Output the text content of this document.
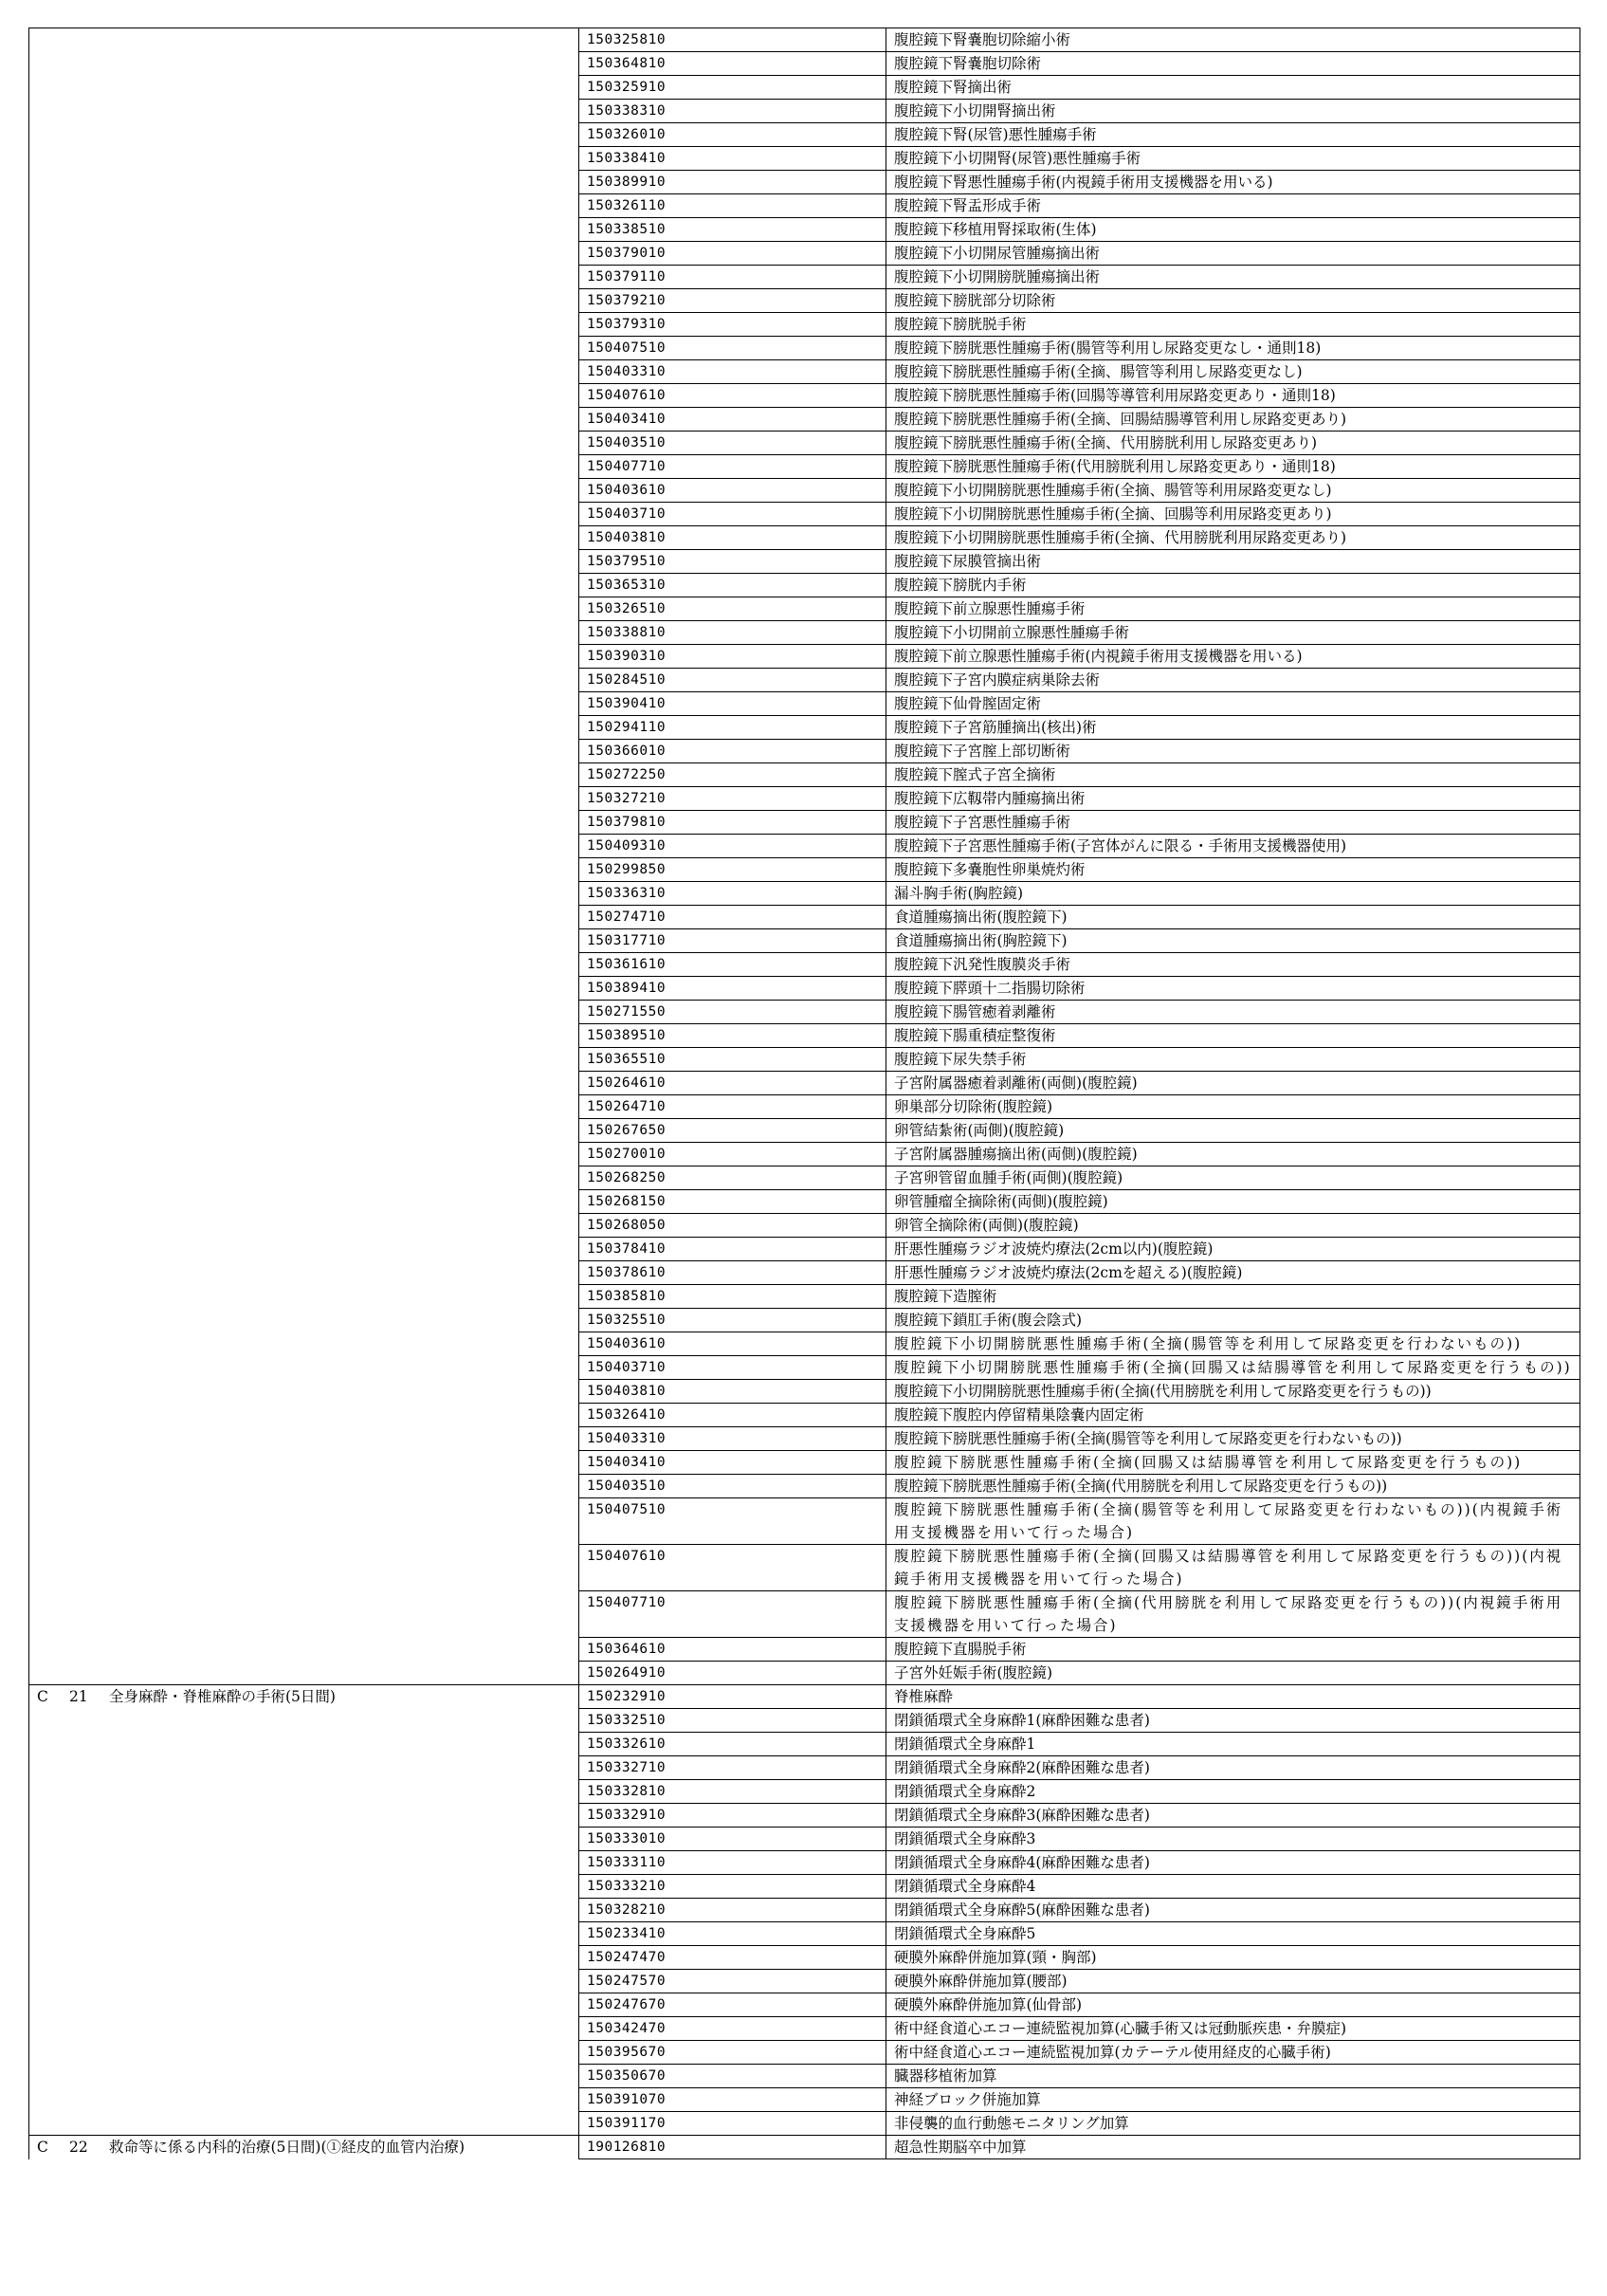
	150325810	腹腔鏡下腎嚢胞切除縮小術
	150364810	腹腔鏡下腎嚢胞切除術
	150325910	腹腔鏡下腎摘出術
	150338310	腹腔鏡下小切開腎摘出術
	150326010	腹腔鏡下腎(尿管)悪性腫瘍手術
	150338410	腹腔鏡下小切開腎(尿管)悪性腫瘍手術
	150389910	腹腔鏡下腎悪性腫瘍手術(内視鏡手術用支援機器を用いる)
	150326110	腹腔鏡下腎盂形成手術
	150338510	腹腔鏡下移植用腎採取術(生体)
	150379010	腹腔鏡下小切開尿管腫瘍摘出術
	150379110	腹腔鏡下小切開膀胱腫瘍摘出術
	150379210	腹腔鏡下膀胱部分切除術
	150379310	腹腔鏡下膀胱脱手術
	150407510	腹腔鏡下膀胱悪性腫瘍手術(腸管等利用し尿路変更なし・通則18)
	150403310	腹腔鏡下膀胱悪性腫瘍手術(全摘、腸管等利用し尿路変更なし)
	150407610	腹腔鏡下膀胱悪性腫瘍手術(回腸等導管利用尿路変更あり・通則18)
	150403410	腹腔鏡下膀胱悪性腫瘍手術(全摘、回腸結腸導管利用し尿路変更あり)
	150403510	腹腔鏡下膀胱悪性腫瘍手術(全摘、代用膀胱利用し尿路変更あり)
	150407710	腹腔鏡下膀胱悪性腫瘍手術(代用膀胱利用し尿路変更あり・通則18)
	150403610	腹腔鏡下小切開膀胱悪性腫瘍手術(全摘、腸管等利用尿路変更なし)
	150403710	腹腔鏡下小切開膀胱悪性腫瘍手術(全摘、回腸等利用尿路変更あり)
	150403810	腹腔鏡下小切開膀胱悪性腫瘍手術(全摘、代用膀胱利用尿路変更あり)
	150379510	腹腔鏡下尿膜管摘出術
	150365310	腹腔鏡下膀胱内手術
	150326510	腹腔鏡下前立腺悪性腫瘍手術
	150338810	腹腔鏡下小切開前立腺悪性腫瘍手術
	150390310	腹腔鏡下前立腺悪性腫瘍手術(内視鏡手術用支援機器を用いる)
	150284510	腹腔鏡下子宮内膜症病巣除去術
	150390410	腹腔鏡下仙骨膣固定術
	150294110	腹腔鏡下子宮筋腫摘出(核出)術
	150366010	腹腔鏡下子宮膣上部切断術
	150272250	腹腔鏡下膣式子宮全摘術
	150327210	腹腔鏡下広靱帯内腫瘍摘出術
	150379810	腹腔鏡下子宮悪性腫瘍手術
	150409310	腹腔鏡下子宮悪性腫瘍手術(子宮体がんに限る・手術用支援機器使用)
	150299850	腹腔鏡下多嚢胞性卵巣焼灼術
	150336310	漏斗胸手術(胸腔鏡)
	150274710	食道腫瘍摘出術(腹腔鏡下)
	150317710	食道腫瘍摘出術(胸腔鏡下)
	150361610	腹腔鏡下汎発性腹膜炎手術
	150389410	腹腔鏡下膵頭十二指腸切除術
	150271550	腹腔鏡下腸管癒着剥離術
	150389510	腹腔鏡下腸重積症整復術
	150365510	腹腔鏡下尿失禁手術
	150264610	子宮附属器癒着剥離術(両側)(腹腔鏡)
	150264710	卵巣部分切除術(腹腔鏡)
	150267650	卵管結紮術(両側)(腹腔鏡)
	150270010	子宮附属器腫瘍摘出術(両側)(腹腔鏡)
	150268250	子宮卵管留血腫手術(両側)(腹腔鏡)
	150268150	卵管腫瘤全摘除術(両側)(腹腔鏡)
	150268050	卵管全摘除術(両側)(腹腔鏡)
	150378410	肝悪性腫瘍ラジオ波焼灼療法(2cm以内)(腹腔鏡)
	150378610	肝悪性腫瘍ラジオ波焼灼療法(2cmを超える)(腹腔鏡)
	150385810	腹腔鏡下造膣術
	150325510	腹腔鏡下鎖肛手術(腹会陰式)
	150403610	腹腔鏡下小切開膀胱悪性腫瘍手術(全摘(腸管等を利用して尿路変更を行わないもの))
	150403710	腹腔鏡下小切開膀胱悪性腫瘍手術(全摘(回腸又は結腸導管を利用して尿路変更を行うもの))
	150403810	腹腔鏡下小切開膀胱悪性腫瘍手術(全摘(代用膀胱を利用して尿路変更を行うもの))
	150326410	腹腔鏡下腹腔内停留精巣陰嚢内固定術
	150403310	腹腔鏡下膀胱悪性腫瘍手術(全摘(腸管等を利用して尿路変更を行わないもの))
	150403410	腹腔鏡下膀胱悪性腫瘍手術(全摘(回腸又は結腸導管を利用して尿路変更を行うもの))
	150403510	腹腔鏡下膀胱悪性腫瘍手術(全摘(代用膀胱を利用して尿路変更を行うもの))
	150407510	腹腔鏡下膀胱悪性腫瘍手術(全摘(腸管等を利用して尿路変更を行わないもの))(内視鏡手術用支援機器を用いて行った場合)
	150407610	腹腔鏡下膀胱悪性腫瘍手術(全摘(回腸又は結腸導管を利用して尿路変更を行うもの))(内視鏡手術用支援機器を用いて行った場合)
	150407710	腹腔鏡下膀胱悪性腫瘍手術(全摘(代用膀胱を利用して尿路変更を行うもの))(内視鏡手術用支援機器を用いて行った場合)
	150364610	腹腔鏡下直腸脱手術
	150264910	子宮外妊娠手術(腹腔鏡)
C 21 全身麻酔・脊椎麻酔の手術(5日間)	150232910	脊椎麻酔
	150332510	閉鎖循環式全身麻酔1(麻酔困難な患者)
	150332610	閉鎖循環式全身麻酔1
	150332710	閉鎖循環式全身麻酔2(麻酔困難な患者)
	150332810	閉鎖循環式全身麻酔2
	150332910	閉鎖循環式全身麻酔3(麻酔困難な患者)
	150333010	閉鎖循環式全身麻酔3
	150333110	閉鎖循環式全身麻酔4(麻酔困難な患者)
	150333210	閉鎖循環式全身麻酔4
	150328210	閉鎖循環式全身麻酔5(麻酔困難な患者)
	150233410	閉鎖循環式全身麻酔5
	150247470	硬膜外麻酔併施加算(頸・胸部)
	150247570	硬膜外麻酔併施加算(腰部)
	150247670	硬膜外麻酔併施加算(仙骨部)
	150342470	術中経食道心エコー連続監視加算(心臓手術又は冠動脈疾患・弁膜症)
	150395670	術中経食道心エコー連続監視加算(カテーテル使用経皮的心臓手術)
	150350670	臓器移植術加算
	150391070	神経ブロック併施加算
	150391170	非侵襲的血行動態モニタリング加算
C 22 救命等に係る内科的治療(5日間)(①経皮的血管内治療)	190126810	超急性期脳卒中加算
